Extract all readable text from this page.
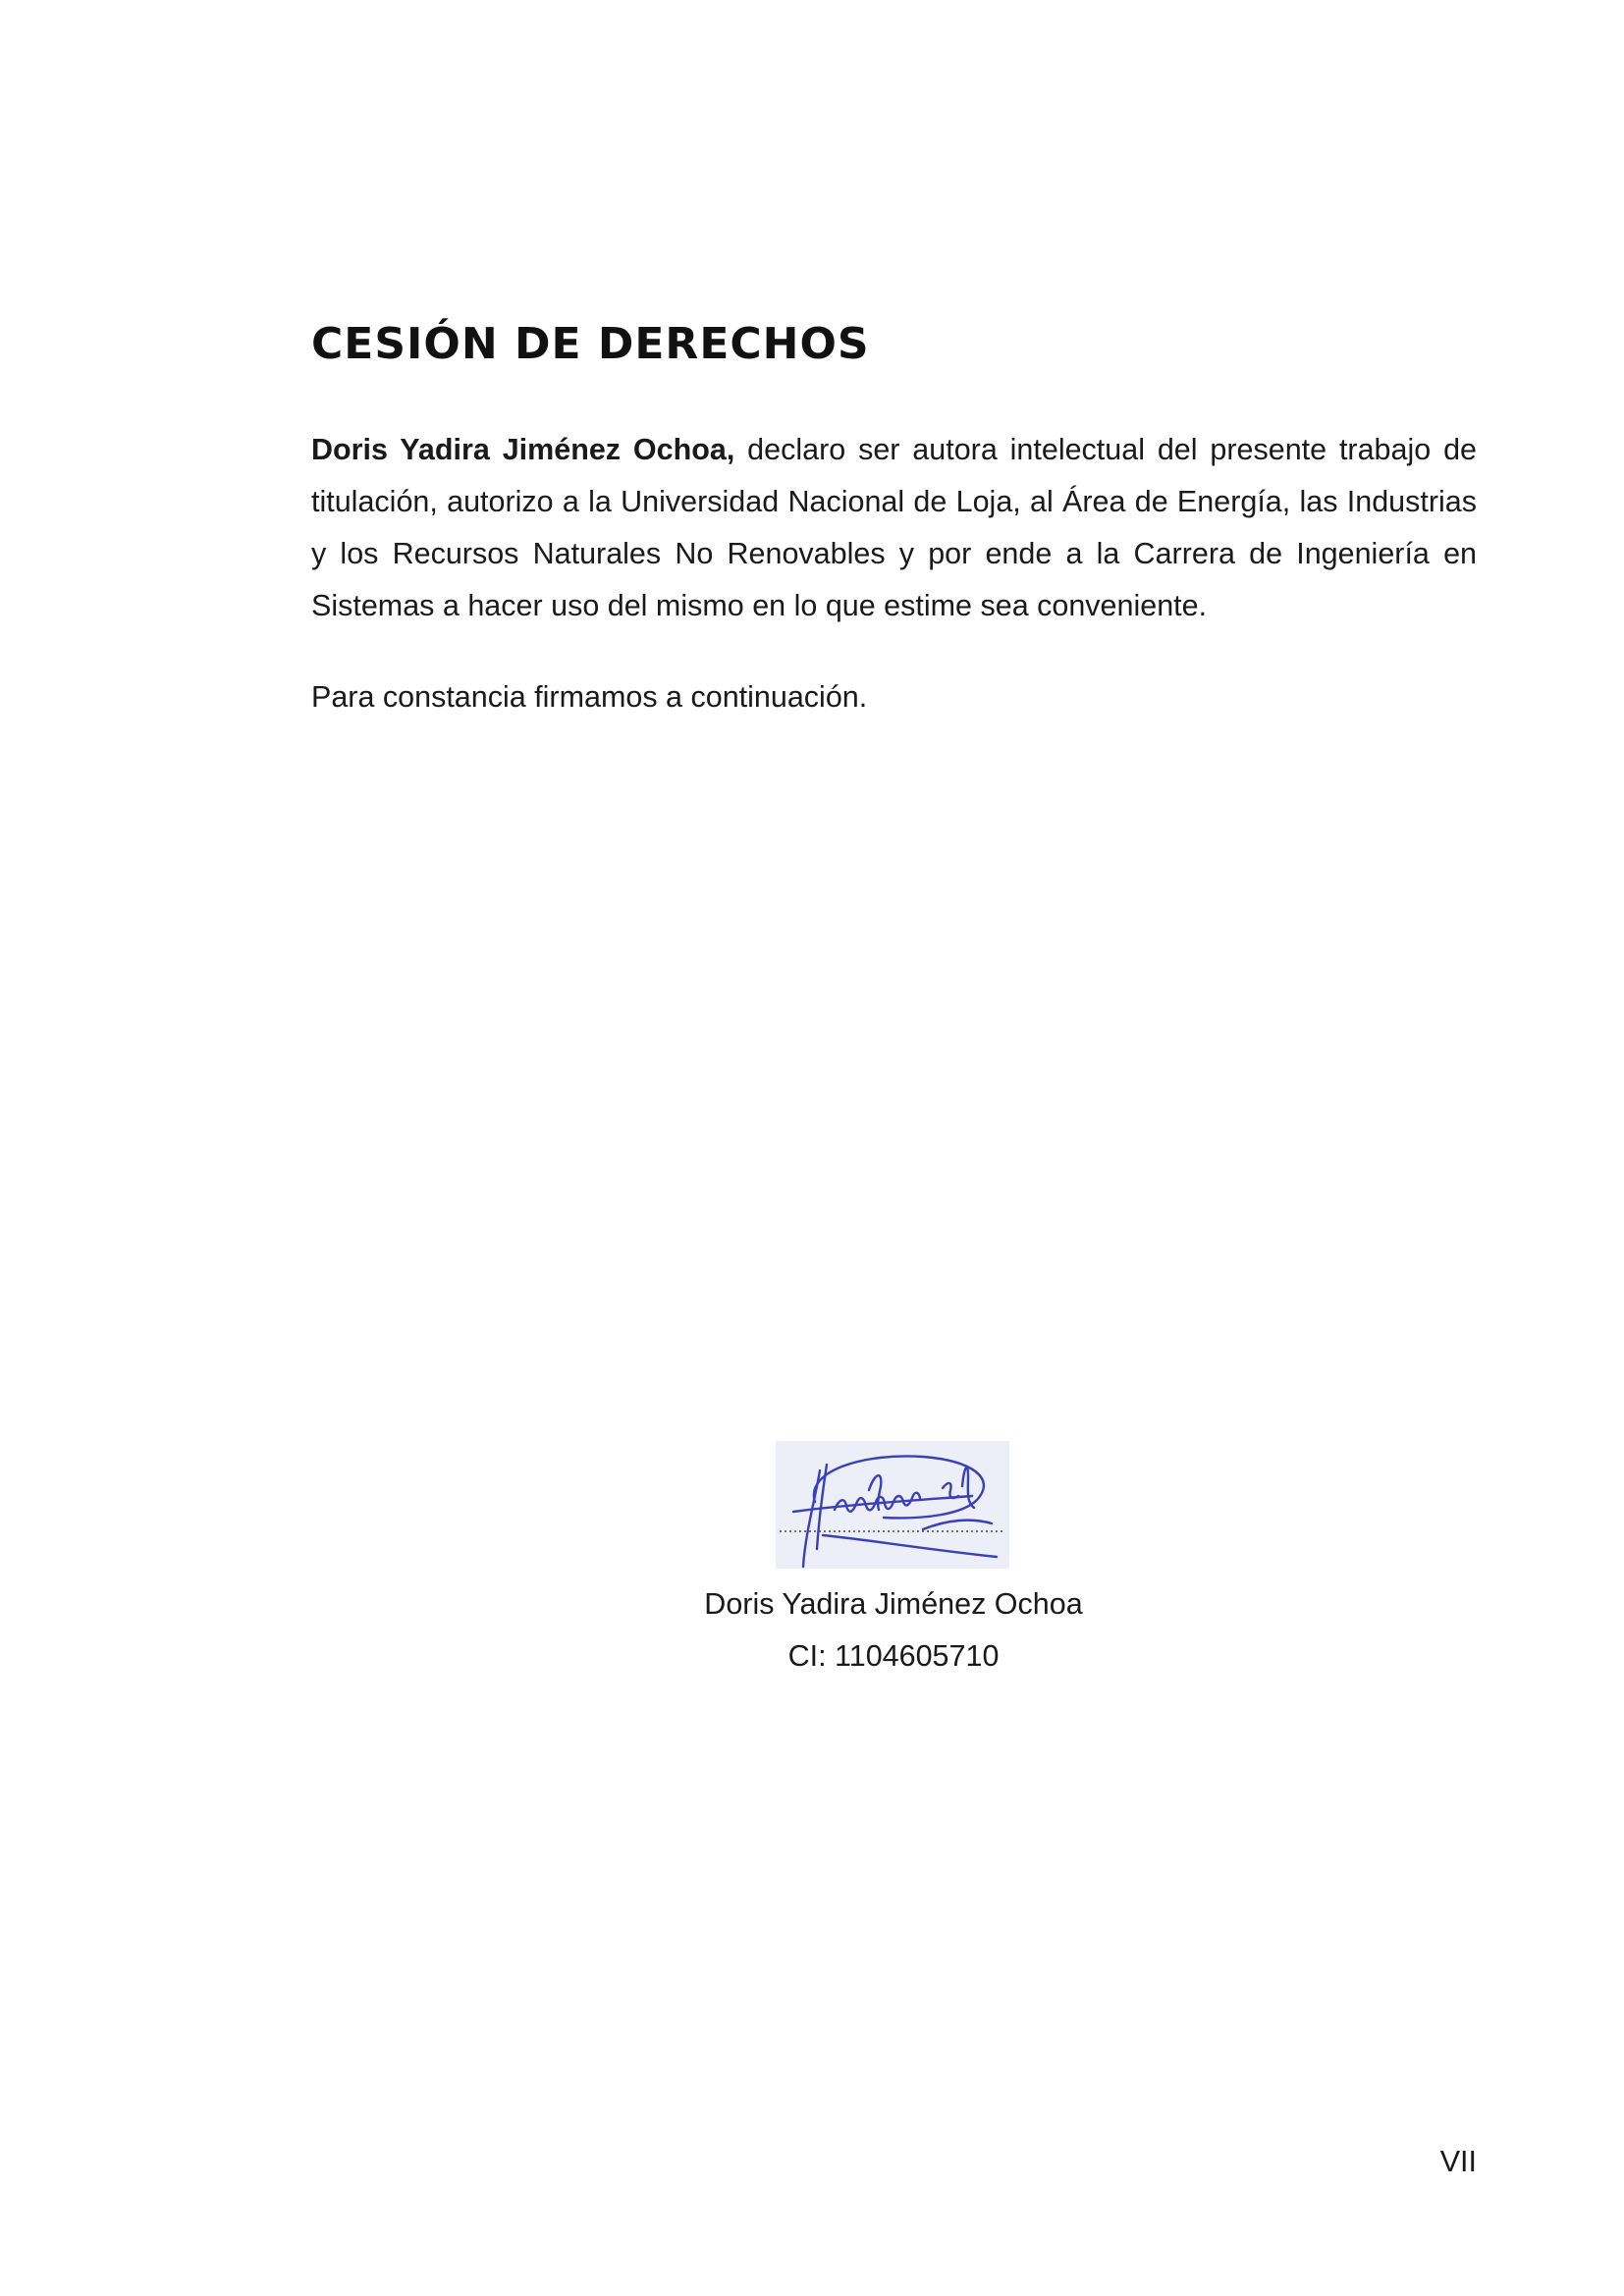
CESIÓN DE DERECHOS

Doris Yadira Jiménez Ochoa, declaro ser autora intelectual del presente trabajo de titulación, autorizo a la Universidad Nacional de Loja, al Área de Energía, las Industrias y los Recursos Naturales No Renovables y por ende a la Carrera de Ingeniería en Sistemas a hacer uso del mismo en lo que estime sea conveniente.

Para constancia firmamos a continuación.

Doris Yadira Jiménez Ochoa

CI: 1104605710

VII
